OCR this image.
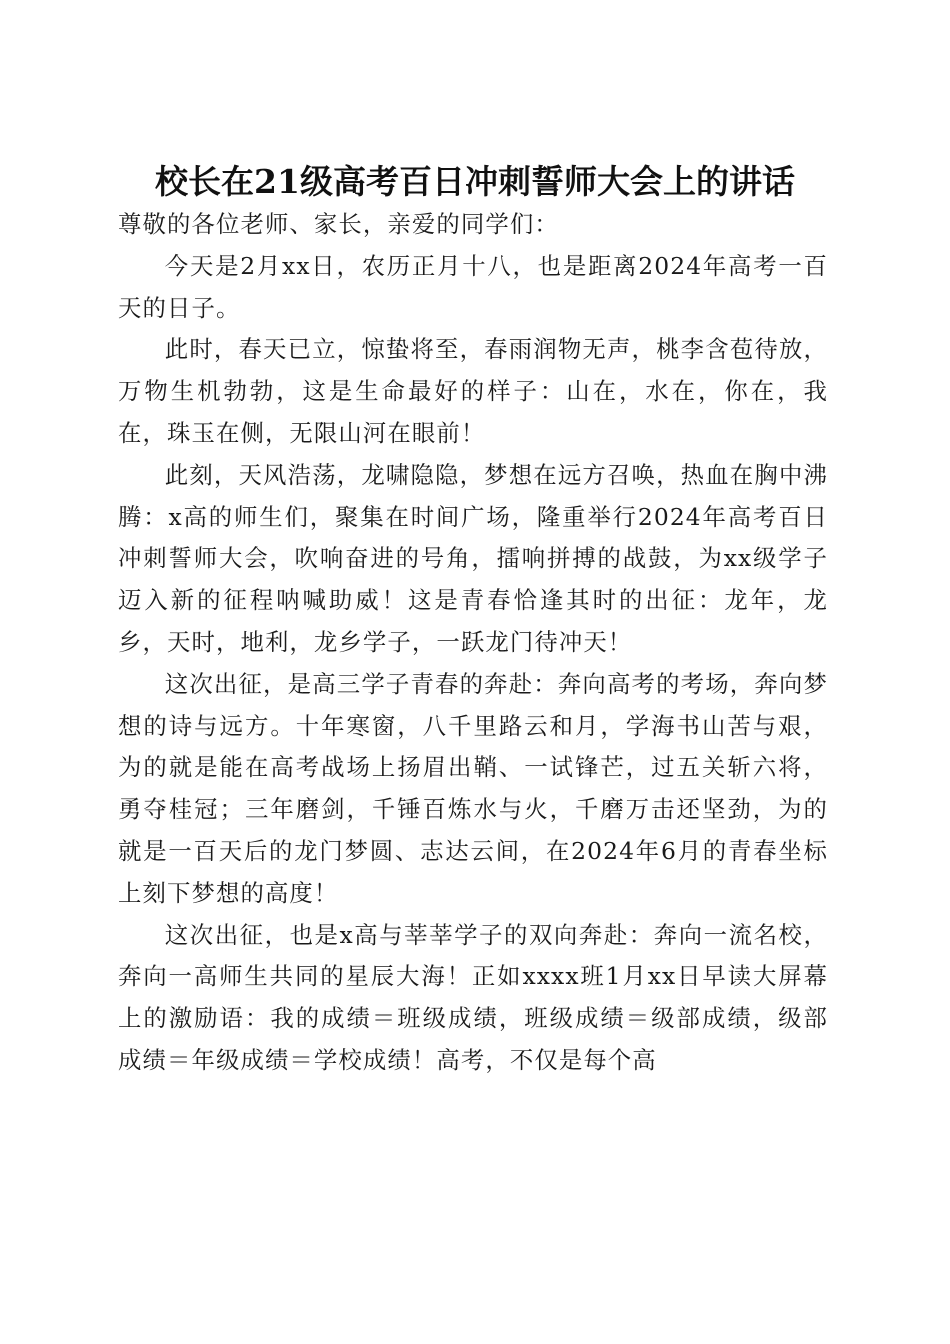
校长在21级高考百日冲刺誓师大会上的讲话

尊敬的各位老师、家长，亲爱的同学们：

今天是2月xx日，农历正月十八，也是距离2024年高考一百天的日子。

此时，春天已立，惊蛰将至，春雨润物无声，桃李含苞待放，万物生机勃勃，这是生命最好的样子：山在，水在，你在，我在，珠玉在侧，无限山河在眼前！

此刻，天风浩荡，龙啸隐隐，梦想在远方召唤，热血在胸中沸腾：x高的师生们，聚集在时间广场，隆重举行2024年高考百日冲刺誓师大会，吹响奋进的号角，擂响拼搏的战鼓，为xx级学子迈入新的征程呐喊助威！这是青春恰逢其时的出征：龙年，龙乡，天时，地利，龙乡学子，一跃龙门待冲天！

这次出征，是高三学子青春的奔赴：奔向高考的考场，奔向梦想的诗与远方。十年寒窗，八千里路云和月，学海书山苦与艰，为的就是能在高考战场上扬眉出鞘、一试锋芒，过五关斩六将，勇夺桂冠；三年磨剑，千锤百炼水与火，千磨万击还坚劲，为的就是一百天后的龙门梦圆、志达云间，在2024年6月的青春坐标上刻下梦想的高度！

这次出征，也是x高与莘莘学子的双向奔赴：奔向一流名校，奔向一高师生共同的星辰大海！正如xxxx班1月xx日早读大屏幕上的激励语：我的成绩＝班级成绩，班级成绩＝级部成绩，级部成绩＝年级成绩＝学校成绩！高考，不仅是每个高
